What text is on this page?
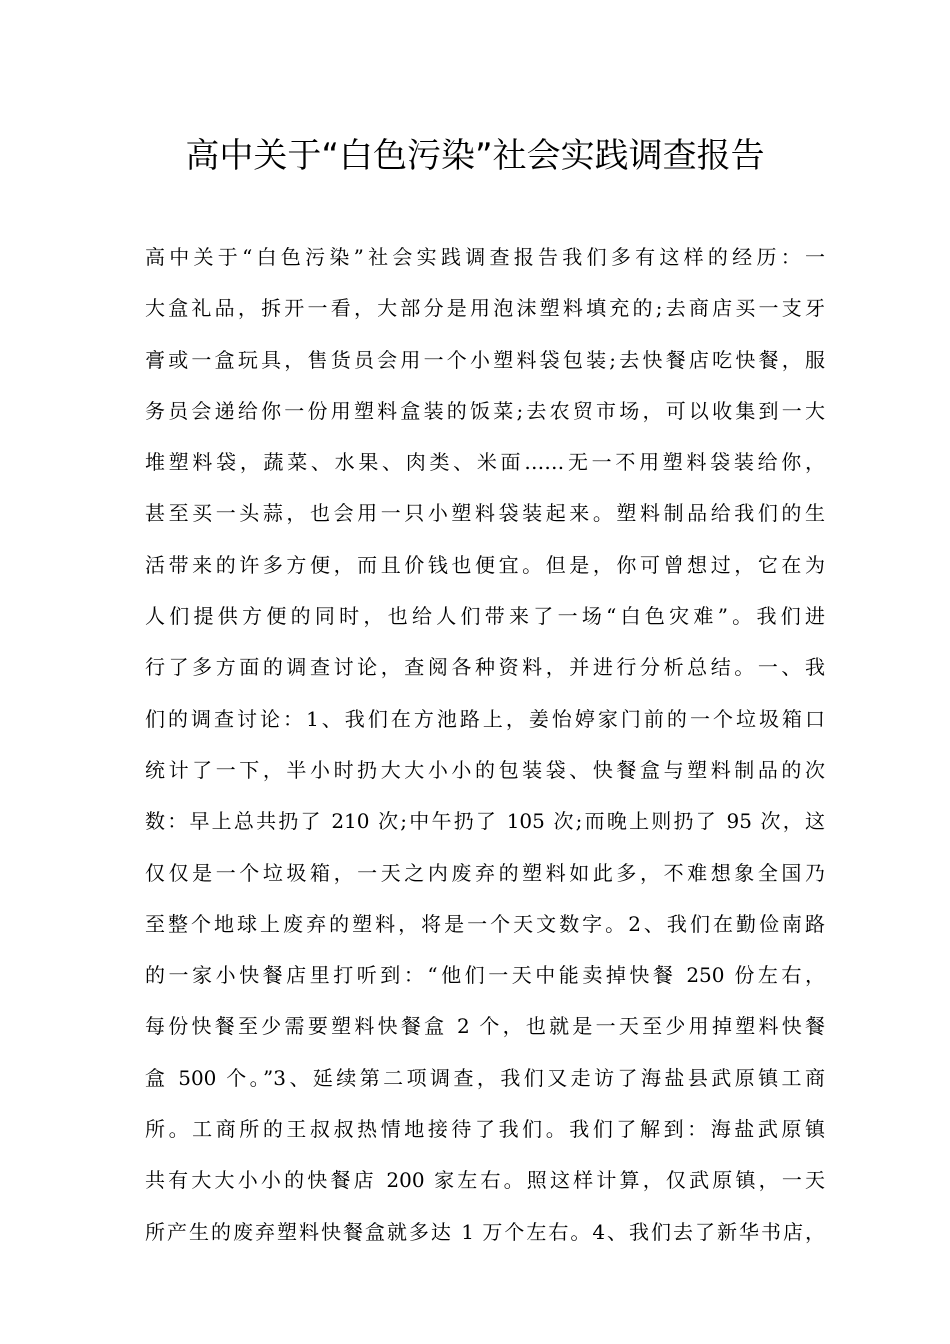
高中关于“白色污染”社会实践调查报告
高中关于“白色污染”社会实践调查报告我们多有这样的经历：一
大盒礼品，拆开一看，大部分是用泡沫塑料填充的;去商店买一支牙
膏或一盒玩具，售货员会用一个小塑料袋包装;去快餐店吃快餐，服
务员会递给你一份用塑料盒装的饭菜;去农贸市场，可以收集到一大
堆塑料袋，蔬菜、水果、肉类、米面……无一不用塑料袋装给你，
甚至买一头蒜，也会用一只小塑料袋装起来。塑料制品给我们的生
活带来的许多方便，而且价钱也便宜。但是，你可曾想过，它在为
人们提供方便的同时，也给人们带来了一场“白色灾难”。我们进
行了多方面的调查讨论，查阅各种资料，并进行分析总结。一、我
们的调查讨论：1、我们在方池路上，姜怡婷家门前的一个垃圾箱口
统计了一下，半小时扔大大小小的包装袋、快餐盒与塑料制品的次
数：早上总共扔了 210 次;中午扔了 105 次;而晚上则扔了 95 次，这
仅仅是一个垃圾箱，一天之内废弃的塑料如此多，不难想象全国乃
至整个地球上废弃的塑料，将是一个天文数字。2、我们在勤俭南路
的一家小快餐店里打听到：“他们一天中能卖掉快餐 250 份左右，
每份快餐至少需要塑料快餐盒 2 个，也就是一天至少用掉塑料快餐
盒 500 个。”3、延续第二项调查，我们又走访了海盐县武原镇工商
所。工商所的王叔叔热情地接待了我们。我们了解到：海盐武原镇
共有大大小小的快餐店 200 家左右。照这样计算，仅武原镇，一天
所产生的废弃塑料快餐盒就多达 1 万个左右。4、我们去了新华书店，
